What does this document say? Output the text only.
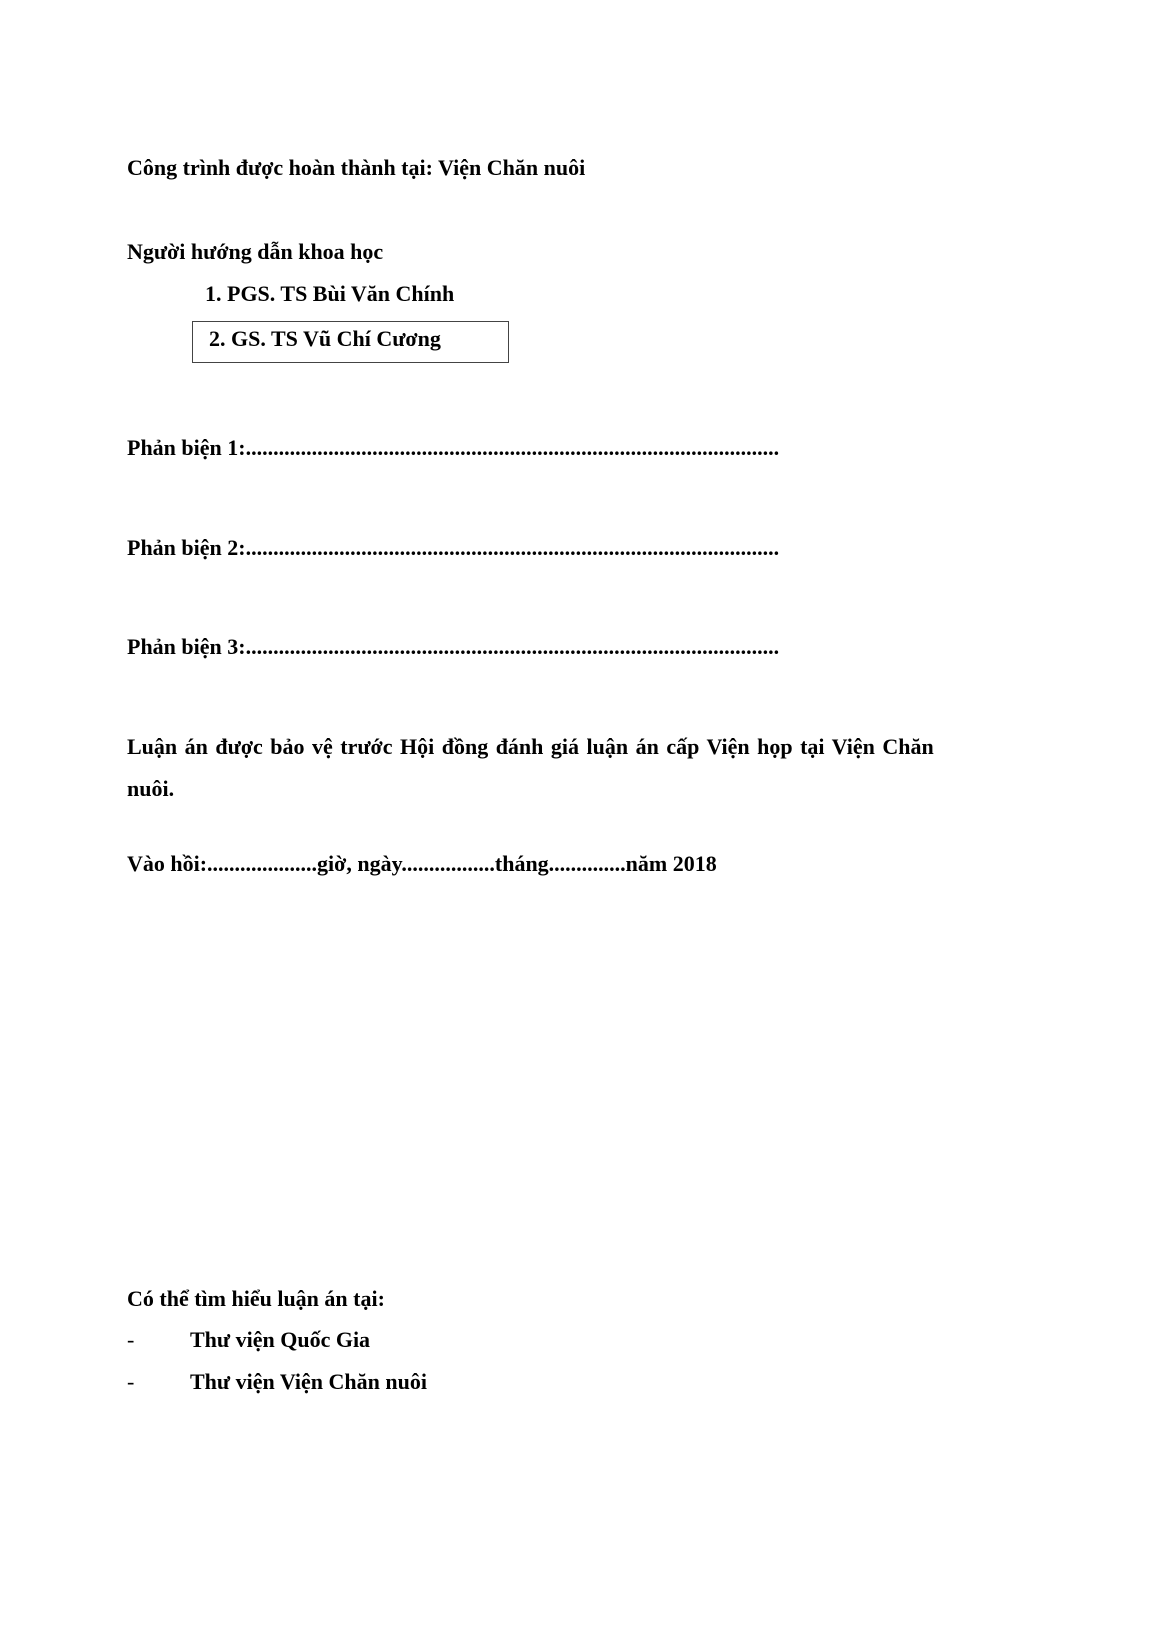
Công trình được hoàn thành tại: Viện Chăn nuôi
Người hướng dẫn khoa học
1. PGS. TS Bùi Văn Chính
2. GS. TS Vũ Chí Cương
Phản biện 1:.................................................................................................
Phản biện 2:.................................................................................................
Phản biện 3:.................................................................................................
Luận án được bảo vệ trước Hội đồng đánh giá luận án cấp Viện họp tại Viện Chăn
nuôi.
Vào hồi:....................giờ, ngày.................tháng..............năm 2018
Có thể tìm hiểu luận án tại:
-	Thư viện Quốc Gia
-	Thư viện Viện Chăn nuôi
